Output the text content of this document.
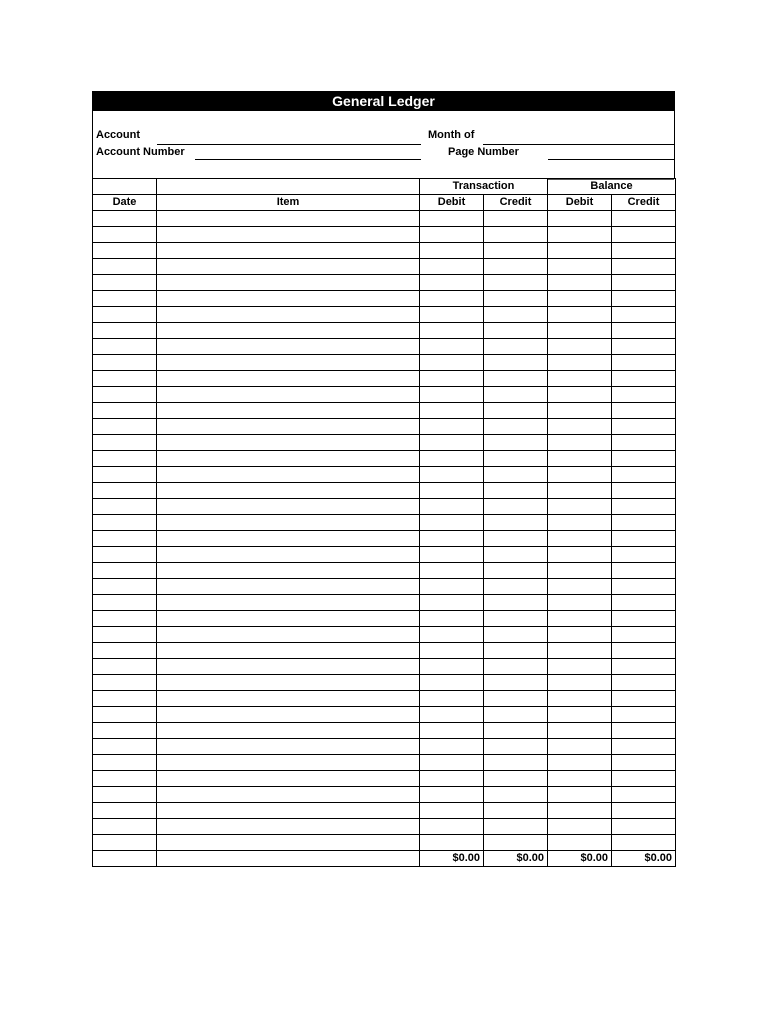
General Ledger
Account
Account Number
Month of
Page Number
		Transaction		Balance	
Date	Item	Debit	Credit	Debit	Credit

		$0.00	$0.00	$0.00	$0.00
